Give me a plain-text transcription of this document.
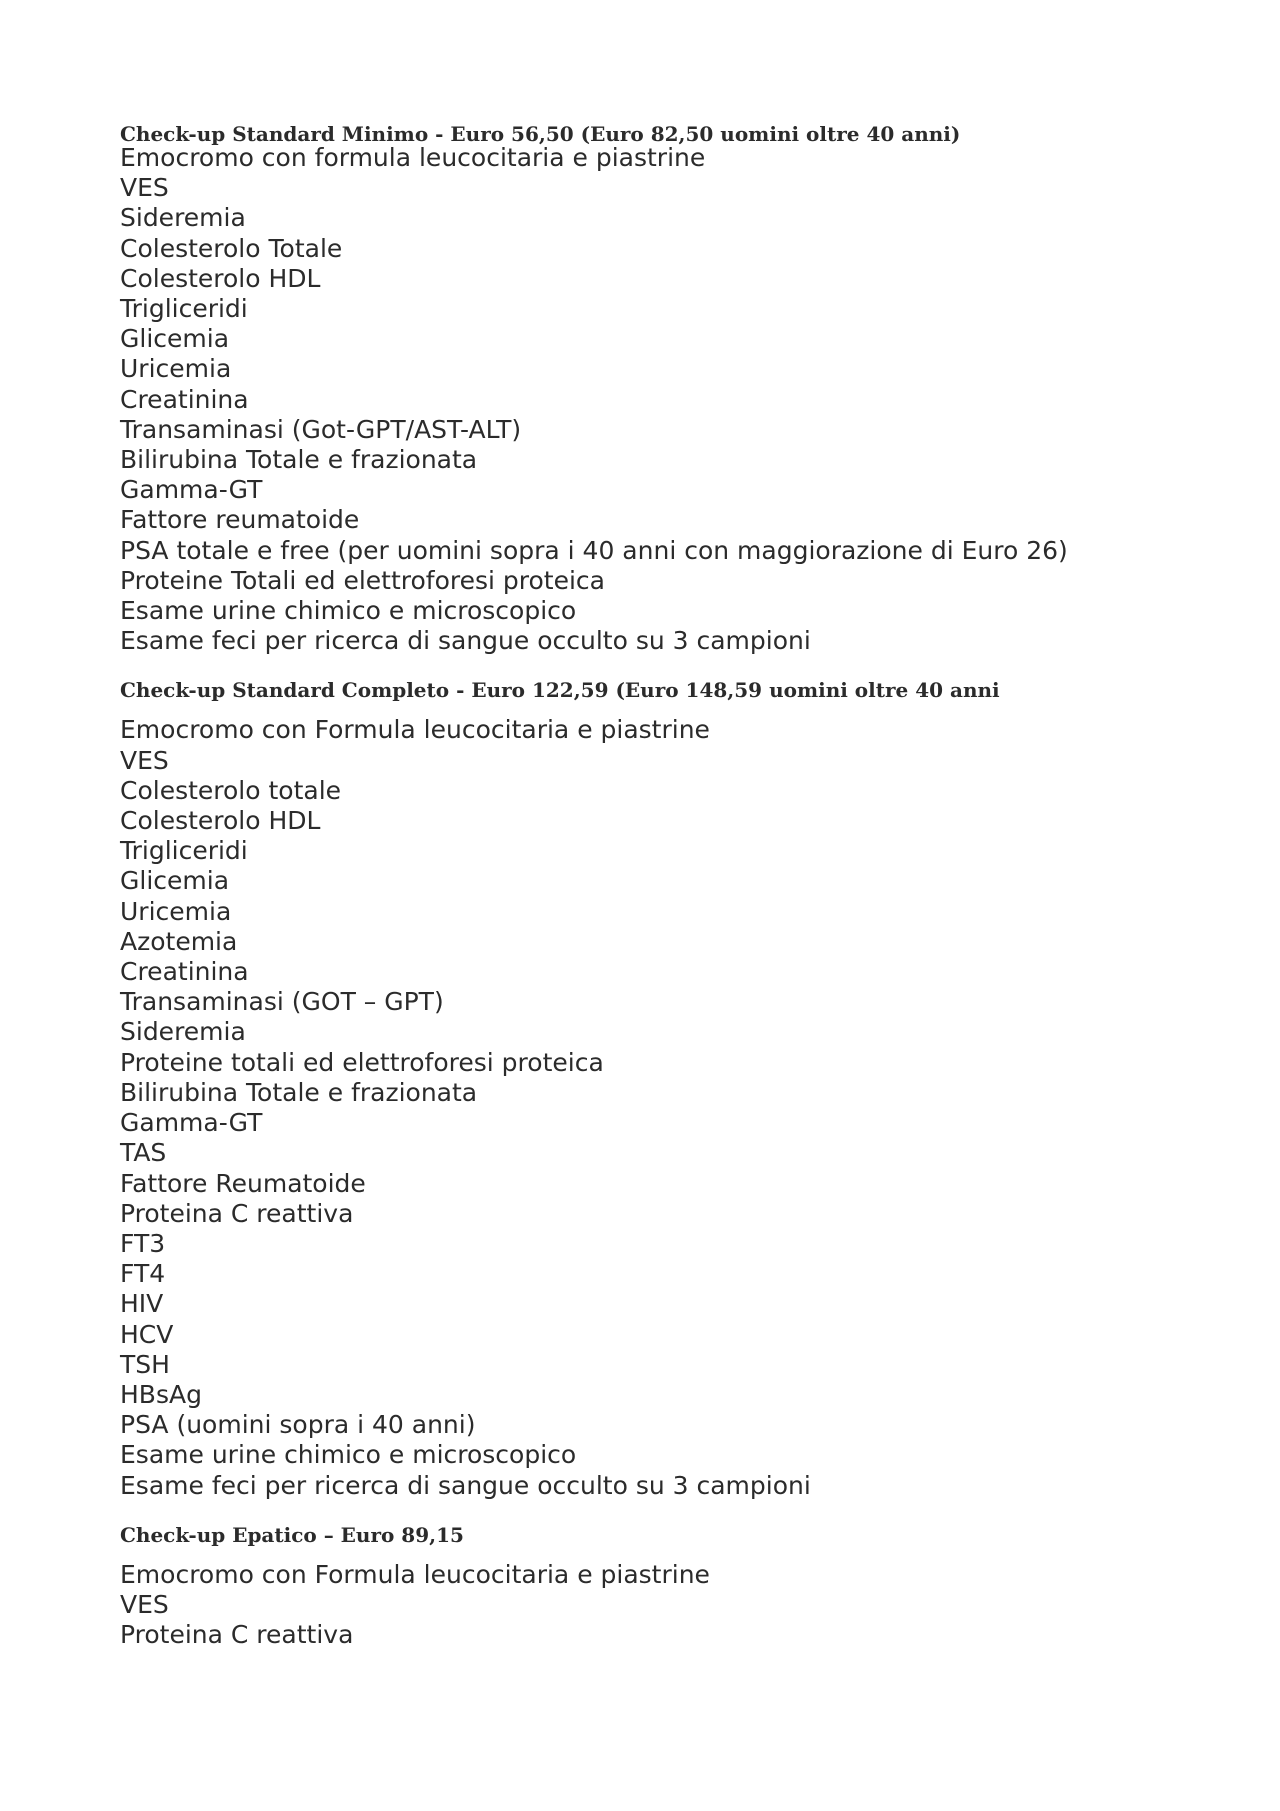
Check-up Standard Minimo - Euro 56,50 (Euro 82,50 uomini oltre 40 anni)
Emocromo con formula leucocitaria e piastrine
VES
Sideremia
Colesterolo Totale
Colesterolo HDL
Trigliceridi
Glicemia
Uricemia
Creatinina
Transaminasi (Got-GPT/AST-ALT)
Bilirubina Totale e frazionata
Gamma-GT
Fattore reumatoide
PSA totale e free (per uomini sopra i 40 anni con maggiorazione di Euro 26)
Proteine Totali ed elettroforesi proteica
Esame urine chimico e microscopico
Esame feci per ricerca di sangue occulto su 3 campioni
Check-up Standard Completo - Euro 122,59 (Euro 148,59 uomini oltre 40 anni
Emocromo con Formula leucocitaria e piastrine
VES
Colesterolo totale
Colesterolo HDL
Trigliceridi
Glicemia
Uricemia
Azotemia
Creatinina
Transaminasi (GOT – GPT)
Sideremia
Proteine totali ed elettroforesi proteica
Bilirubina Totale e frazionata
Gamma-GT
TAS
Fattore Reumatoide
Proteina C reattiva
FT3
FT4
HIV
HCV
TSH
HBsAg
PSA (uomini sopra i 40 anni)
Esame urine chimico e microscopico
Esame feci per ricerca di sangue occulto su 3 campioni
Check-up Epatico – Euro 89,15
Emocromo con Formula leucocitaria e piastrine
VES
Proteina C reattiva
